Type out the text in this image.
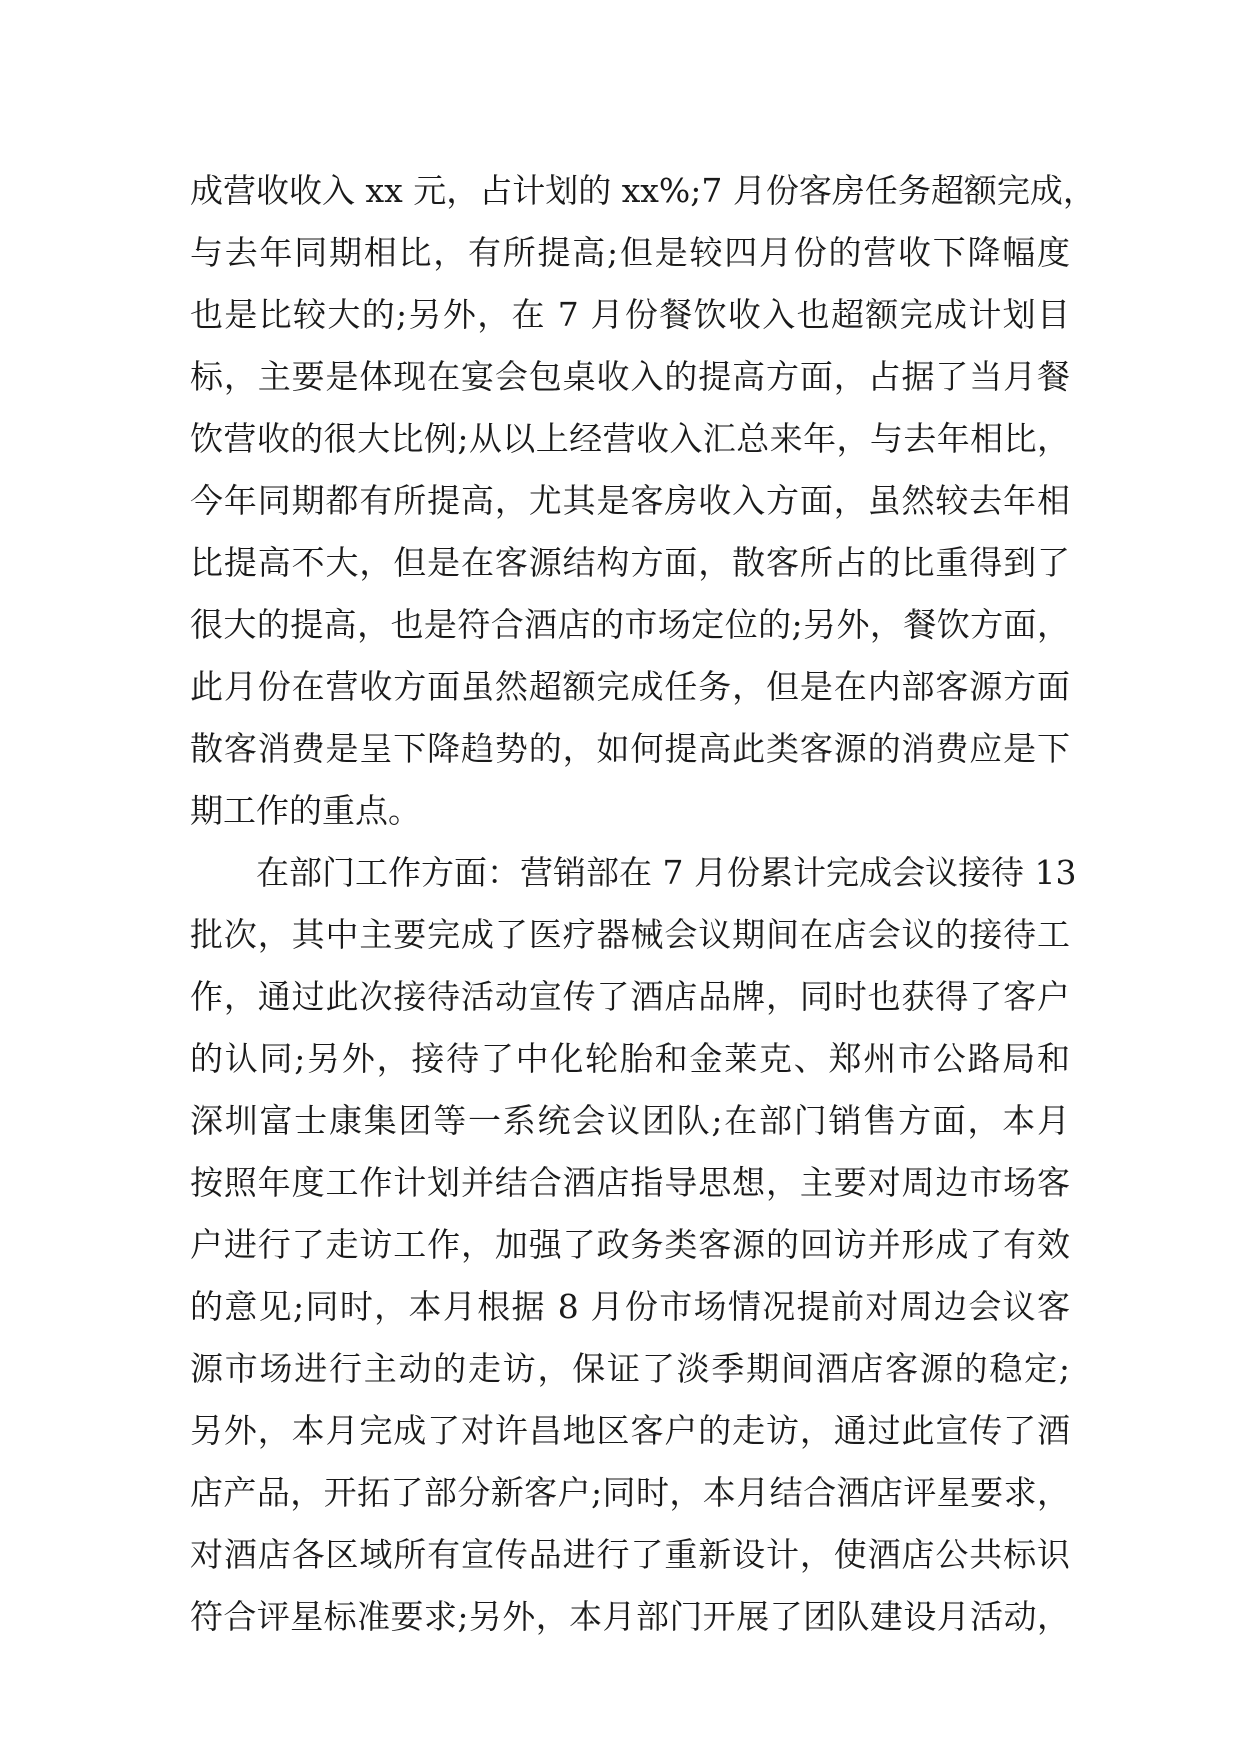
成营收收入 xx 元，占计划的 xx%;7 月份客房任务超额完成，
与去年同期相比，有所提高;但是较四月份的营收下降幅度
也是比较大的;另外，在 7 月份餐饮收入也超额完成计划目
标，主要是体现在宴会包桌收入的提高方面，占据了当月餐
饮营收的很大比例;从以上经营收入汇总来年，与去年相比，
今年同期都有所提高，尤其是客房收入方面，虽然较去年相
比提高不大，但是在客源结构方面，散客所占的比重得到了
很大的提高，也是符合酒店的市场定位的;另外，餐饮方面，
此月份在营收方面虽然超额完成任务，但是在内部客源方面
散客消费是呈下降趋势的，如何提高此类客源的消费应是下
期工作的重点。
在部门工作方面：营销部在 7 月份累计完成会议接待 13
批次，其中主要完成了医疗器械会议期间在店会议的接待工
作，通过此次接待活动宣传了酒店品牌，同时也获得了客户
的认同;另外，接待了中化轮胎和金莱克、郑州市公路局和
深圳富士康集团等一系统会议团队;在部门销售方面，本月
按照年度工作计划并结合酒店指导思想，主要对周边市场客
户进行了走访工作，加强了政务类客源的回访并形成了有效
的意见;同时，本月根据 8 月份市场情况提前对周边会议客
源市场进行主动的走访，保证了淡季期间酒店客源的稳定;
另外，本月完成了对许昌地区客户的走访，通过此宣传了酒
店产品，开拓了部分新客户;同时，本月结合酒店评星要求，
对酒店各区域所有宣传品进行了重新设计，使酒店公共标识
符合评星标准要求;另外，本月部门开展了团队建设月活动，
